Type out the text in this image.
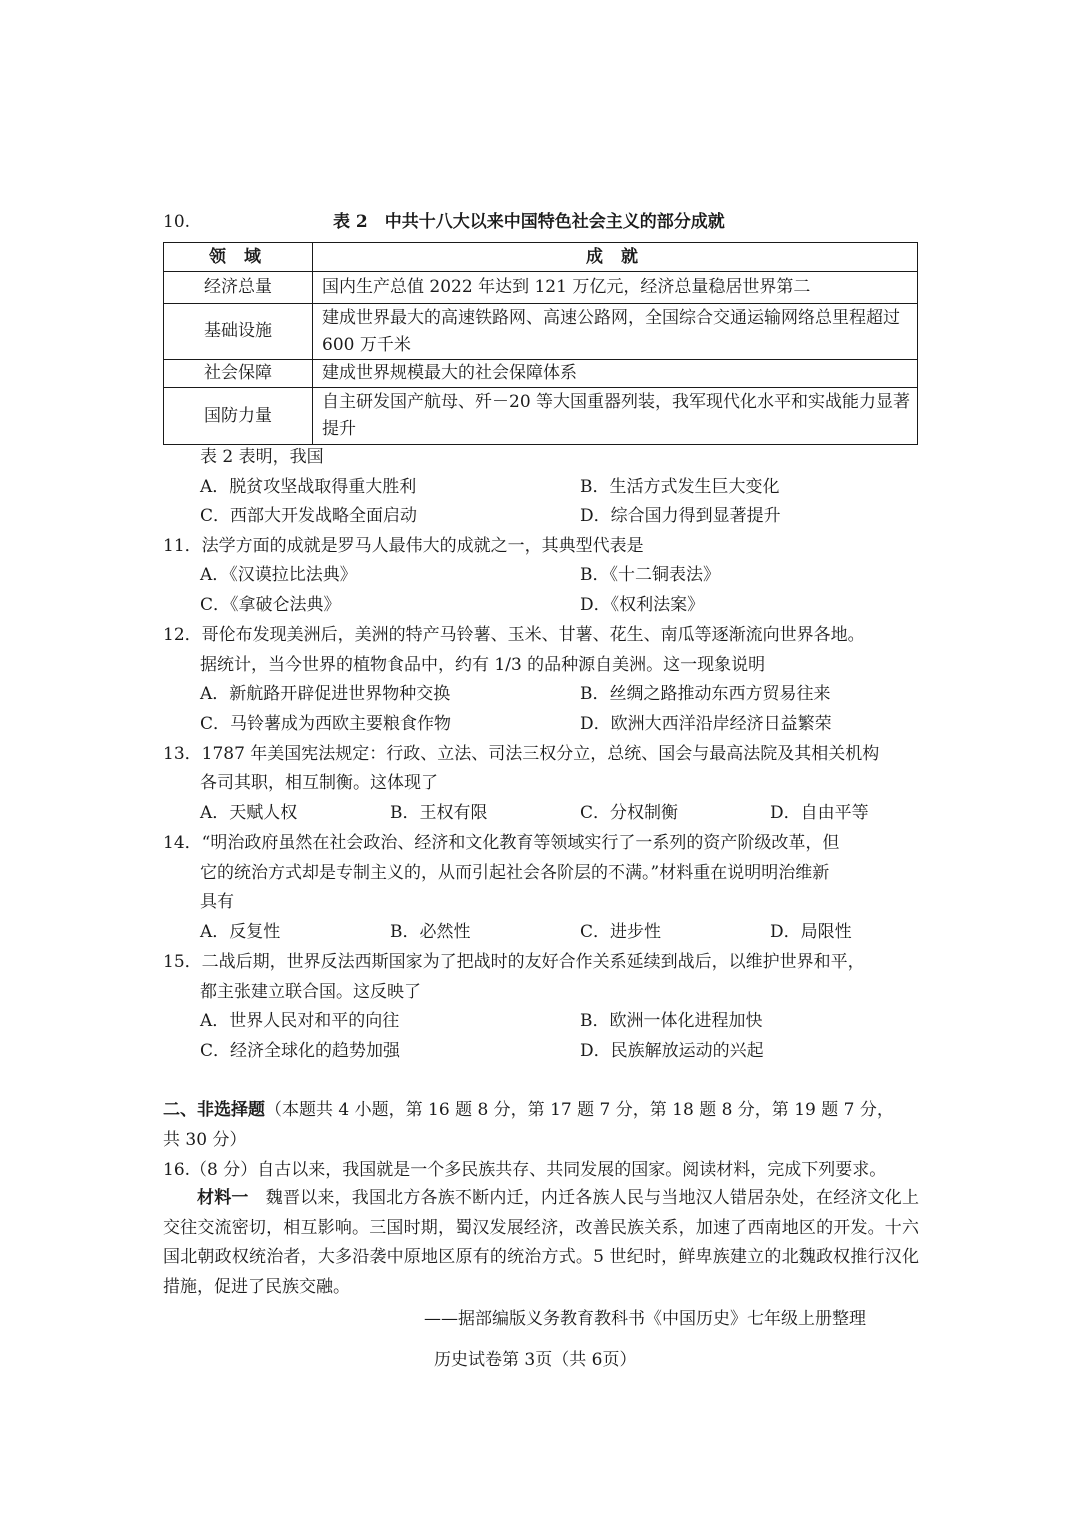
10.	表 2　中共十八大以来中国特色社会主义的部分成就
领 域	成 就
经济总量	国内生产总值 2022 年达到 121 万亿元，经济总量稳居世界第二
基础设施	建成世界最大的高速铁路网、高速公路网，全国综合交通运输网络总里程超过 600 万千米
社会保障	建成世界规模最大的社会保障体系
国防力量	自主研发国产航母、歼－20 等大国重器列装，我军现代化水平和实战能力显著提升
表 2 表明，我国
A．脱贫攻坚战取得重大胜利	B．生活方式发生巨大变化
C．西部大开发战略全面启动	D．综合国力得到显著提升
11．法学方面的成就是罗马人最伟大的成就之一，其典型代表是
A．《汉谟拉比法典》	B．《十二铜表法》
C．《拿破仑法典》	D．《权利法案》
12．哥伦布发现美洲后，美洲的特产马铃薯、玉米、甘薯、花生、南瓜等逐渐流向世界各地。
据统计，当今世界的植物食品中，约有 1/3 的品种源自美洲。这一现象说明
A．新航路开辟促进世界物种交换	B．丝绸之路推动东西方贸易往来
C．马铃薯成为西欧主要粮食作物	D．欧洲大西洋沿岸经济日益繁荣
13．1787 年美国宪法规定：行政、立法、司法三权分立，总统、国会与最高法院及其相关机构
各司其职，相互制衡。这体现了
A．天赋人权	B．王权有限	C．分权制衡	D．自由平等
14．“明治政府虽然在社会政治、经济和文化教育等领域实行了一系列的资产阶级改革，但
它的统治方式却是专制主义的，从而引起社会各阶层的不满。”材料重在说明明治维新
具有
A．反复性	B．必然性	C．进步性	D．局限性
15．二战后期，世界反法西斯国家为了把战时的友好合作关系延续到战后，以维护世界和平，
都主张建立联合国。这反映了
A．世界人民对和平的向往	B．欧洲一体化进程加快
C．经济全球化的趋势加强	D．民族解放运动的兴起
二、非选择题（本题共 4 小题，第 16 题 8 分，第 17 题 7 分，第 18 题 8 分，第 19 题 7 分，
共 30 分）
16.（8 分）自古以来，我国就是一个多民族共存、共同发展的国家。阅读材料，完成下列要求。
材料一　魏晋以来，我国北方各族不断内迁，内迁各族人民与当地汉人错居杂处，在经济文化上交往交流密切，相互影响。三国时期，蜀汉发展经济，改善民族关系，加速了西南地区的开发。十六国北朝政权统治者，大多沿袭中原地区原有的统治方式。5 世纪时，鲜卑族建立的北魏政权推行汉化措施，促进了民族交融。
——据部编版义务教育教科书《中国历史》七年级上册整理
历史试卷第 3页（共 6页）
